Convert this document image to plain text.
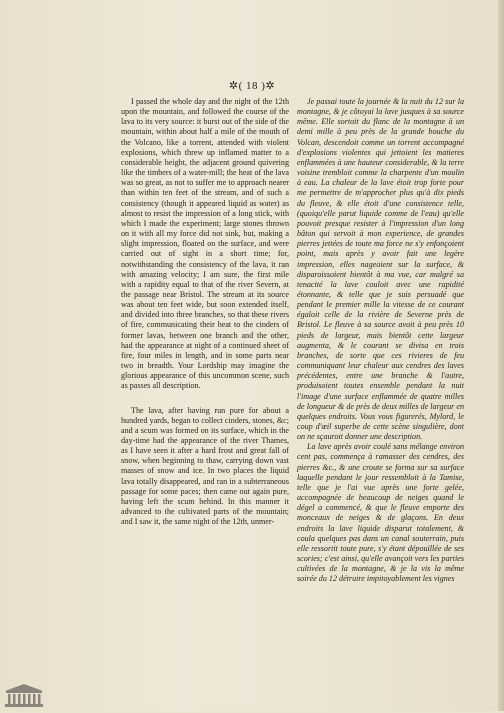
✲( 18 )✲

I passed the whole day and the night of the 12th upon the mountain, and followed the course of the lava to its very source: it burst out of the side of the mountain, within about half a mile of the mouth of the Volcano, like a torrent, attended with violent explosions, which threw up inflamed matter to a considerable height, the adjacent ground quivering like the timbers of a water-mill; the heat of the lava was so great, as not to suffer me to approach nearer than within ten feet of the stream, and of such a consistency (though it appeared liquid as water) as almost to resist the impression of a long stick, with which I made the experiment; large stones thrown on it with all my force did not sink, but, making a slight impression, floated on the surface, and were carried out of sight in a short time; for, notwithstanding the consistency of the lava, it ran with amazing velocity; I am sure, the first mile with a rapidity equal to that of the river Severn, at the passage near Bristol. The stream at its source was about ten feet wide, but soon extended itself, and divided into three branches, so that these rivers of fire, communicating their heat to the cinders of former lavas, between one branch and the other, had the appearance at night of a continued sheet of fire, four miles in length, and in some parts near two in breadth. Your Lordship may imagine the glorious appearance of this uncommon scene, such as passes all description.

The lava, after having run pure for about a hundred yards, began to collect cinders, stones, &c; and a scum was formed on its surface, which in the day-time had the appearance of the river Thames, as I have seen it after a hard frost and great fall of snow, when beginning to thaw, carrying down vast masses of snow and ice. In two places the liquid lava totally disappeared, and ran in a subterraneous passage for some paces; then came out again pure, having left the scum behind. In this manner it advanced to the cultivated parts of the mountain; and I saw it, the same night of the 12th, unmer-

Je passai toute la journée & la nuit du 12 sur la montagne, & je côtoyai la lave jusques à sa source même. Elle sortoit du flanc de la montagne à un demi mille à peu près de la grande bouche du Volcan, descendoit comme un torrent accompagné d'explosions violentes qui jettoient les matieres enflammées à une hauteur considerable, & la terre voisine trembloit comme la charpente d'un moulin à eau. La chaleur de la lave étoit trop forte pour me permettre de m'approcher plus qu'à dix pieds du fleuve, & elle étoit d'une consistence telle, (quoiqu'elle parut liquide comme de l'eau) qu'elle pouvoit presque resister à l'impression d'un long bâton qui servoit à mon experience, de grandes pierres jettées de toute ma force ne s'y enfonçoient point, mais après y avoir fait une legère impression, elles nageoient sur la surface, & disparoissoient bientôt à ma vue, car malgré sa tenacité la lave couloit avec une rapidité étonnante, & telle que je suis persuadé que pendant le premier mille la vitesse de ce courant égaloit celle de la rivière de Severne près de Bristol. Le fleuve à sa source avoit à peu près 10 pieds de largeur, mais bientôt cette largeur augmenta, & le courant se divisa en trois branches, de sorte que ces rivieres de feu communiquant leur chaleur aux cendres des laves précédentes, entre une branche & l'autre, produisoient toutes ensemble pendant la nuit l'image d'une surface enflammée de quatre milles de longueur & de près de deux milles de largeur en quelques endroits. Vous vous figurerés, Mylord, le coup d'œil superbe de cette scène singulière, dont on ne sçauroit donner une description.

La lave après avoir coulé sans mélange environ cent pas, commença à ramasser des cendres, des pierres &c., & une croute se forma sur sa surface laquelle pendant le jour ressembloit à la Tamise, telle que je l'ai vue après une forte gelée, accompagnée de beaucoup de neiges quand le dégel a commencé, & que le fleuve emporte des monceaux de neiges & de glaçons. En deux endroits la lave liquide disparut totalement, & coula quelques pas dans un canal souterrain, puis elle ressortit toute pure, s'y étant dépouillée de ses scories; c'est ainsi, qu'elle avançoit vers les parties cultivées de la montagne, & je la vis la même soirée du 12 détruire impitoyablement les vignes
